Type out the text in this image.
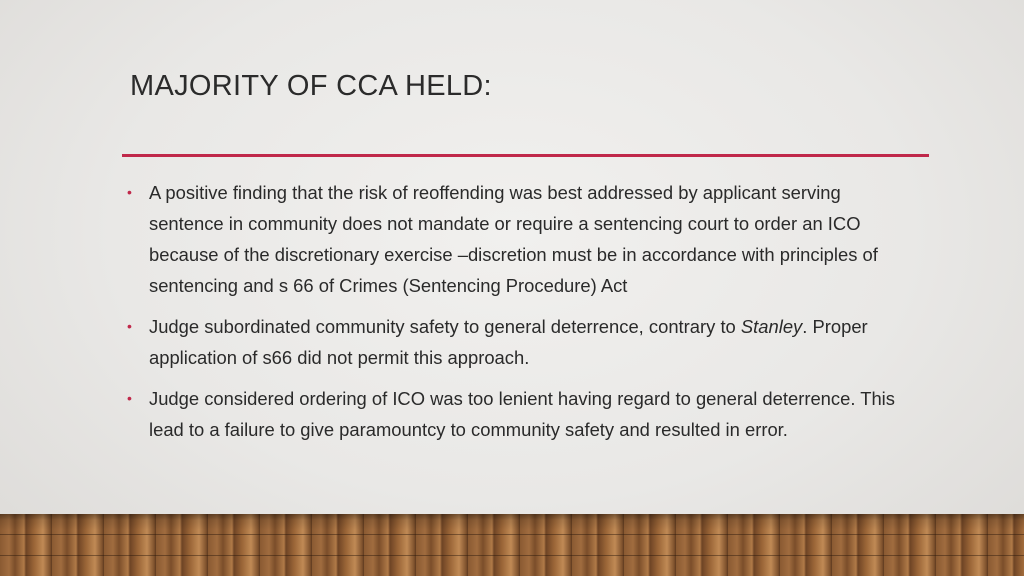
MAJORITY OF CCA HELD:
• A positive finding that the risk of reoffending was best addressed by applicant serving sentence in community does not mandate or require a sentencing court to order an ICO because of the discretionary exercise –discretion must be in accordance with principles of sentencing and s 66 of Crimes (Sentencing Procedure) Act
• Judge subordinated community safety to general deterrence, contrary to Stanley. Proper application of s66 did not permit this approach.
• Judge considered ordering of ICO was too lenient having regard to general deterrence. This lead to a failure to give paramountcy to community safety and resulted in error.
